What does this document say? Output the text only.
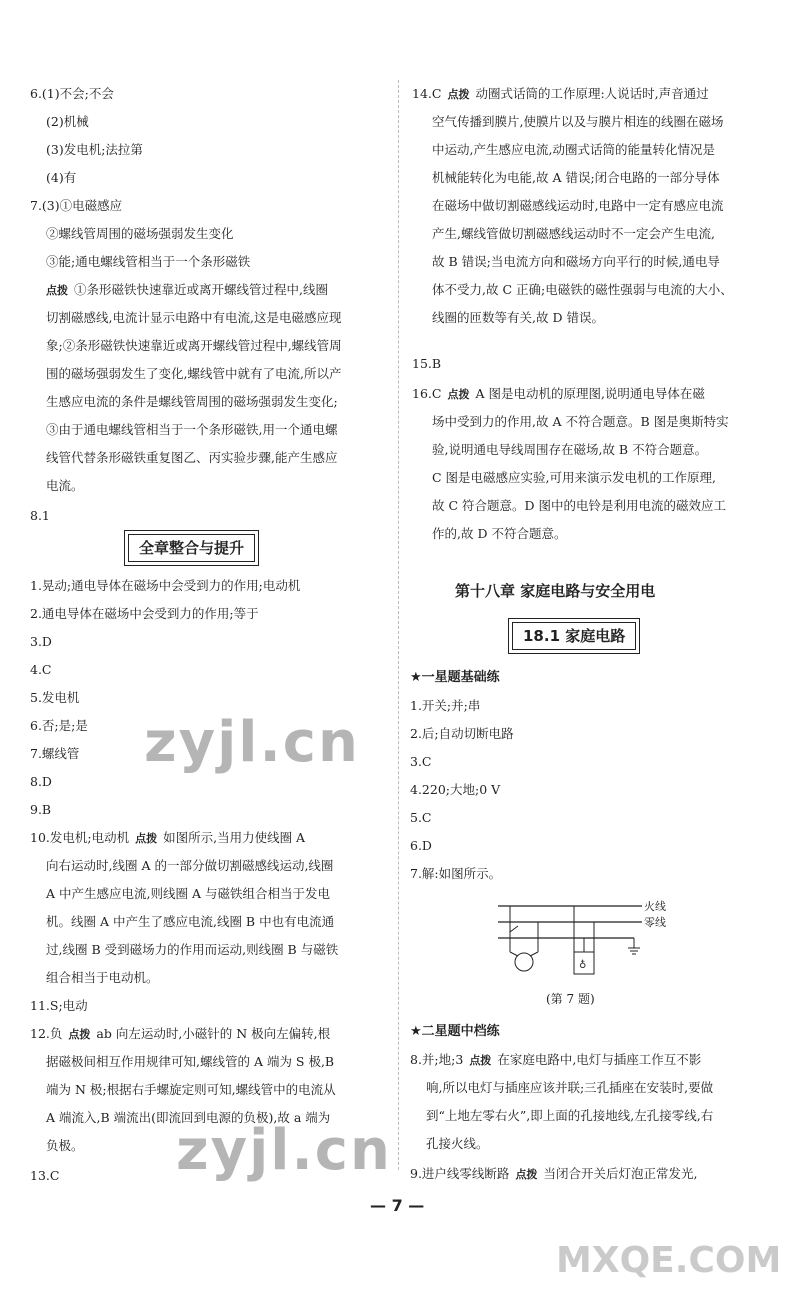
6.(1)不会;不会
(2)机械
(3)发电机;法拉第
(4)有
7.(3)①电磁感应
②螺线管周围的磁场强弱发生变化
③能;通电螺线管相当于一个条形磁铁
点拨 ①条形磁铁快速靠近或离开螺线管过程中,线圈
切割磁感线,电流计显示电路中有电流,这是电磁感应现
象;②条形磁铁快速靠近或离开螺线管过程中,螺线管周
围的磁场强弱发生了变化,螺线管中就有了电流,所以产
生感应电流的条件是螺线管周围的磁场强弱发生变化;
③由于通电螺线管相当于一个条形磁铁,用一个通电螺
线管代替条形磁铁重复图乙、丙实验步骤,能产生感应
电流。
8.1
全章整合与提升
1.晃动;通电导体在磁场中会受到力的作用;电动机
2.通电导体在磁场中会受到力的作用;等于
3.D
4.C
5.发电机
6.否;是;是
7.螺线管
8.D
9.B
10.发电机;电动机 点拨 如图所示,当用力使线圈 A
向右运动时,线圈 A 的一部分做切割磁感线运动,线圈
A 中产生感应电流,则线圈 A 与磁铁组合相当于发电
机。线圈 A 中产生了感应电流,线圈 B 中也有电流通
过,线圈 B 受到磁场力的作用而运动,则线圈 B 与磁铁
组合相当于电动机。
11.S;电动
12.负 点拨 ab 向左运动时,小磁针的 N 极向左偏转,根
据磁极间相互作用规律可知,螺线管的 A 端为 S 极,B
端为 N 极;根据右手螺旋定则可知,螺线管中的电流从
A 端流入,B 端流出(即流回到电源的负极),故 a 端为
负极。
13.C
14.C 点拨 动圈式话筒的工作原理:人说话时,声音通过
空气传播到膜片,使膜片以及与膜片相连的线圈在磁场
中运动,产生感应电流,动圈式话筒的能量转化情况是
机械能转化为电能,故 A 错误;闭合电路的一部分导体
在磁场中做切割磁感线运动时,电路中一定有感应电流
产生,螺线管做切割磁感线运动时不一定会产生电流,
故 B 错误;当电流方向和磁场方向平行的时候,通电导
体不受力,故 C 正确;电磁铁的磁性强弱与电流的大小、
线圈的匝数等有关,故 D 错误。
15.B
16.C 点拨 A 图是电动机的原理图,说明通电导体在磁
场中受到力的作用,故 A 不符合题意。B 图是奥斯特实
验,说明通电导线周围存在磁场,故 B 不符合题意。
C 图是电磁感应实验,可用来演示发电机的工作原理,
故 C 符合题意。D 图中的电铃是利用电流的磁效应工
作的,故 D 不符合题意。
第十八章 家庭电路与安全用电
18.1 家庭电路
★一星题基础练
1.开关;并;串
2.后;自动切断电路
3.C
4.220;大地;0 V
5.C
6.D
7.解:如图所示。
火线
零线
♁
(第 7 题)
★二星题中档练
8.并;地;3 点拨 在家庭电路中,电灯与插座工作互不影
响,所以电灯与插座应该并联;三孔插座在安装时,要做
到“上地左零右火”,即上面的孔接地线,左孔接零线,右
孔接火线。
9.进户线零线断路 点拨 当闭合开关后灯泡正常发光,
zyjl.cn
zyjl.cn
MXQE.COM
— 7 —
